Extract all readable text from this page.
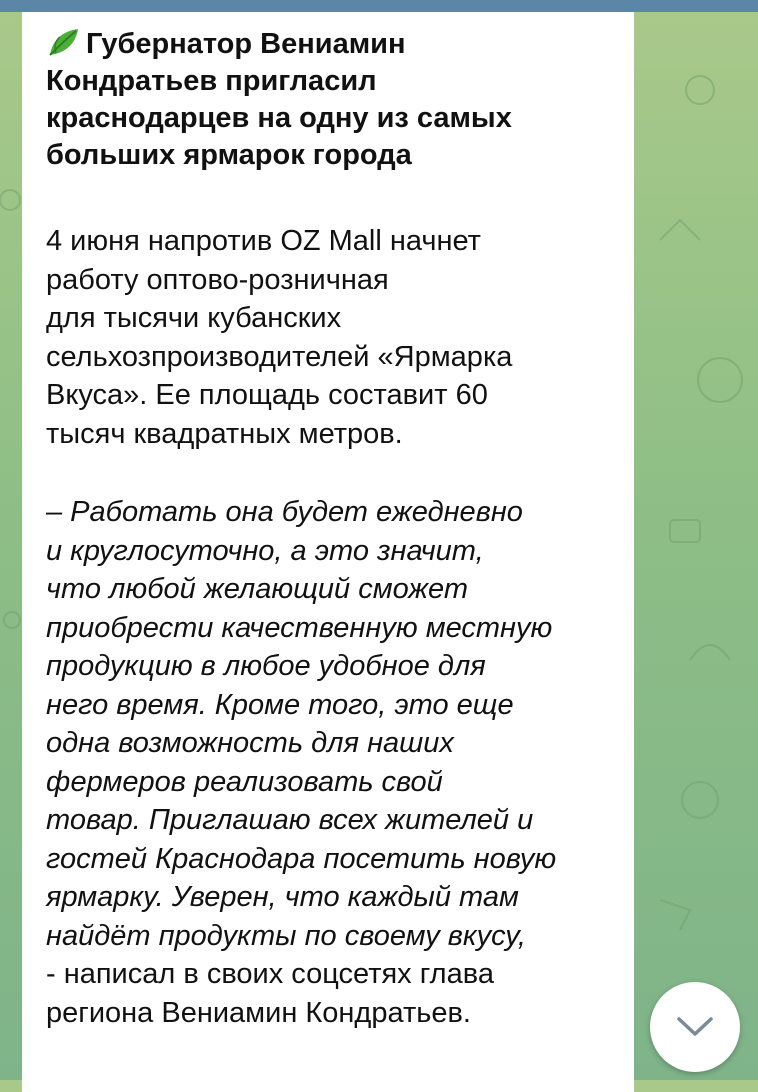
Губернатор Вениамин
Кондратьев пригласил
краснодарцев на одну из самых
больших ярмарок города
4 июня напротив OZ Mall начнет
работу оптово-розничная
для тысячи кубанских
сельхозпроизводителей «Ярмарка
Вкуса». Ее площадь составит 60
тысяч квадратных метров.
– Работать она будет ежедневно
и круглосуточно, а это значит,
что любой желающий сможет
приобрести качественную местную
продукцию в любое удобное для
него время. Кроме того, это еще
одна возможность для наших
фермеров реализовать свой
товар. Приглашаю всех жителей и
гостей Краснодара посетить новую
ярмарку. Уверен, что каждый там
найдёт продукты по своему вкусу,
- написал в своих соцсетях глава
региона Вениамин Кондратьев.
